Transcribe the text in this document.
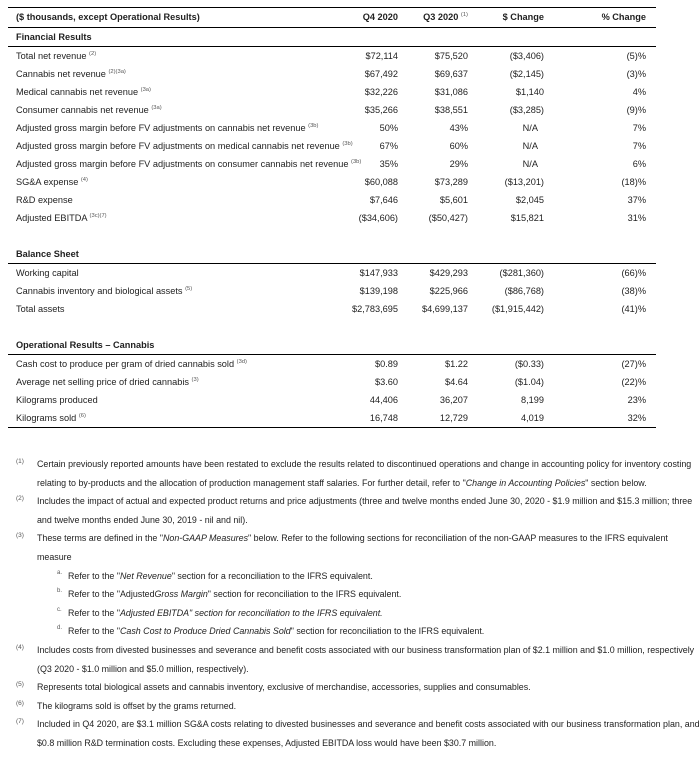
($ thousands, except Operational Results)	Q4 2020	Q3 2020 $^{(1)}$	$ Change	% Change
Financial Results
Total net revenue $^{(2)}$	$72,114	$75,520	($3,406)	(5)%
Cannabis net revenue $^{(2)(3a)}$	$67,492	$69,637	($2,145)	(3)%
Medical cannabis net revenue $^{(3a)}$	$32,226	$31,086	$1,140	4%
Consumer cannabis net revenue $^{(3a)}$	$35,266	$38,551	($3,285)	(9)%
Adjusted gross margin before FV adjustments on cannabis net revenue $^{(3b)}$	50%	43%	N/A	7%
Adjusted gross margin before FV adjustments on medical cannabis net revenue $^{(3b)}$	67%	60%	N/A	7%
Adjusted gross margin before FV adjustments on consumer cannabis net revenue $^{(3b)}$ 35%	29%	N/A	6%
SG&A expense $^{(4)}$	$60,088	$73,289	($13,201)	(18)%
R&D expense	$7,646	$5,601	$2,045	37%
Adjusted EBITDA $^{(3c)(7)}$	($34,606)	($50,427)	$15,821	31%
Balance Sheet
Working capital	$147,933	$429,293	($281,360)	(66)%
Cannabis inventory and biological assets $^{(5)}$	$139,198	$225,966	($86,768)	(38)%
Total assets	$2,783,695	$4,699,137	($1,915,442)	(41)%
Operational Results – Cannabis
Cash cost to produce per gram of dried cannabis sold $^{(3d)}$	$0.89	$1.22	($0.33)	(27)%
Average net selling price of dried cannabis $^{(3)}$	$3.60	$4.64	($1.04)	(22)%
Kilograms produced	44,406	36,207	8,199	23%
Kilograms sold $^{(6)}$	16,748	12,729	4,019	32%
(1) Certain previously reported amounts have been restated to exclude the results related to discontinued operations and change in accounting policy for inventory costing relating to by-products and the allocation of production management staff salaries. For further detail, refer to "Change in Accounting Policies" section below.
(2) Includes the impact of actual and expected product returns and price adjustments (three and twelve months ended June 30, 2020 - $1.9 million and $15.3 million; three and twelve months ended June 30, 2019 - nil and nil).
(3) These terms are defined in the "Non-GAAP Measures" below. Refer to the following sections for reconciliation of the non-GAAP measures to the IFRS equivalent measure
a. Refer to the "Net Revenue" section for a reconciliation to the IFRS equivalent.
b. Refer to the "AdjustedGross Margin" section for reconciliation to the IFRS equivalent.
c. Refer to the "Adjusted EBITDA" section for reconciliation to the IFRS equivalent.
d. Refer to the "Cash Cost to Produce Dried Cannabis Sold" section for reconciliation to the IFRS equivalent.
(4) Includes costs from divested businesses and severance and benefit costs associated with our business transformation plan of $2.1 million and $1.0 million, respectively (Q3 2020 - $1.0 million and $5.0 million, respectively).
(5) Represents total biological assets and cannabis inventory, exclusive of merchandise, accessories, supplies and consumables.
(6) The kilograms sold is offset by the grams returned.
(7) Included in Q4 2020, are $3.1 million SG&A costs relating to divested businesses and severance and benefit costs associated with our business transformation plan, and $0.8 million R&D termination costs. Excluding these expenses, Adjusted EBITDA loss would have been $30.7 million.
